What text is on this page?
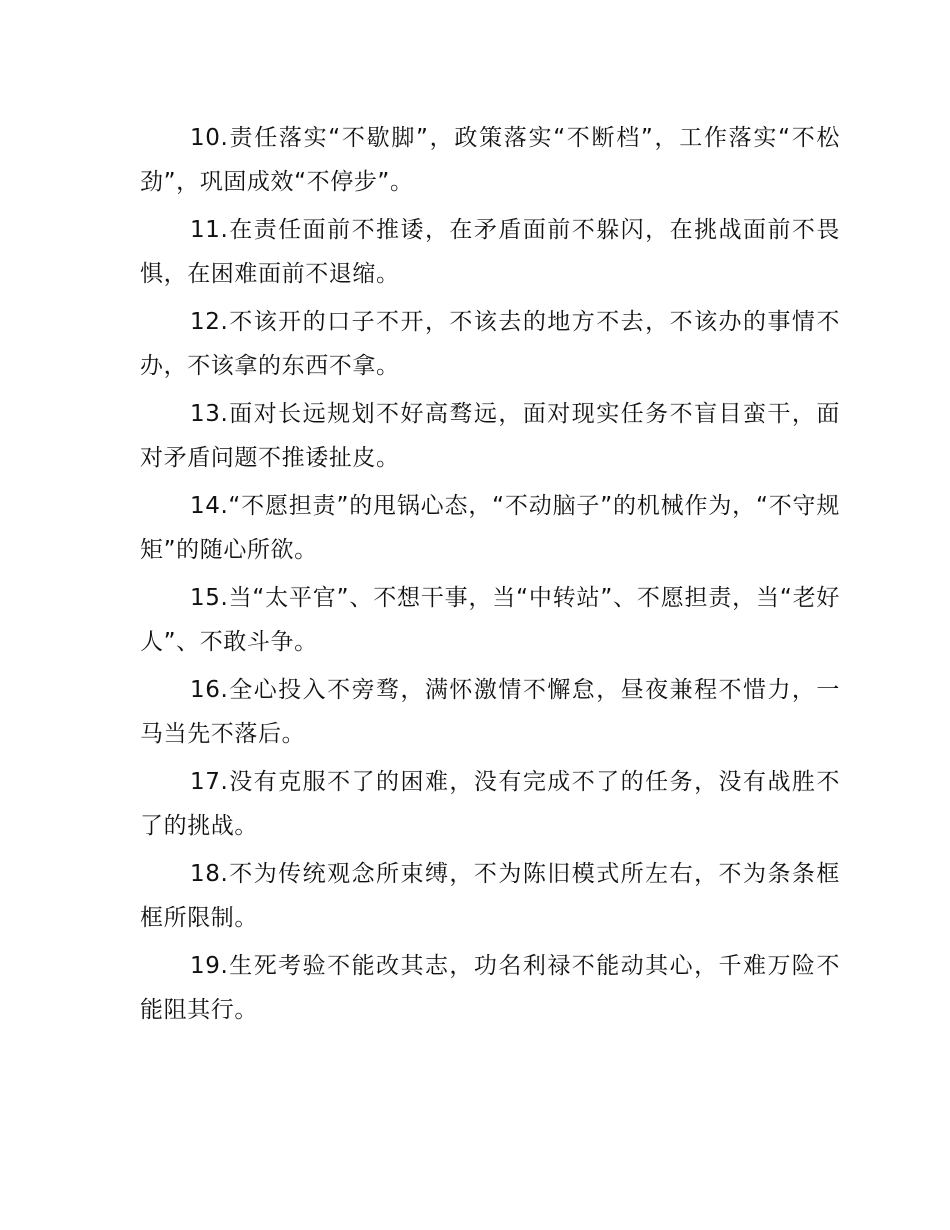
10.责任落实“不歇脚”，政策落实“不断档”，工作落实“不松劲”，巩固成效“不停步”。

11.在责任面前不推诿，在矛盾面前不躲闪，在挑战面前不畏惧，在困难面前不退缩。

12.不该开的口子不开，不该去的地方不去，不该办的事情不办，不该拿的东西不拿。

13.面对长远规划不好高骛远，面对现实任务不盲目蛮干，面对矛盾问题不推诿扯皮。

14.“不愿担责”的甩锅心态，“不动脑子”的机械作为，“不守规矩”的随心所欲。

15.当“太平官”、不想干事，当“中转站”、不愿担责，当“老好人”、不敢斗争。

16.全心投入不旁骛，满怀激情不懈怠，昼夜兼程不惜力，一马当先不落后。

17.没有克服不了的困难，没有完成不了的任务，没有战胜不了的挑战。

18.不为传统观念所束缚，不为陈旧模式所左右，不为条条框框所限制。

19.生死考验不能改其志，功名利禄不能动其心，千难万险不能阻其行。
